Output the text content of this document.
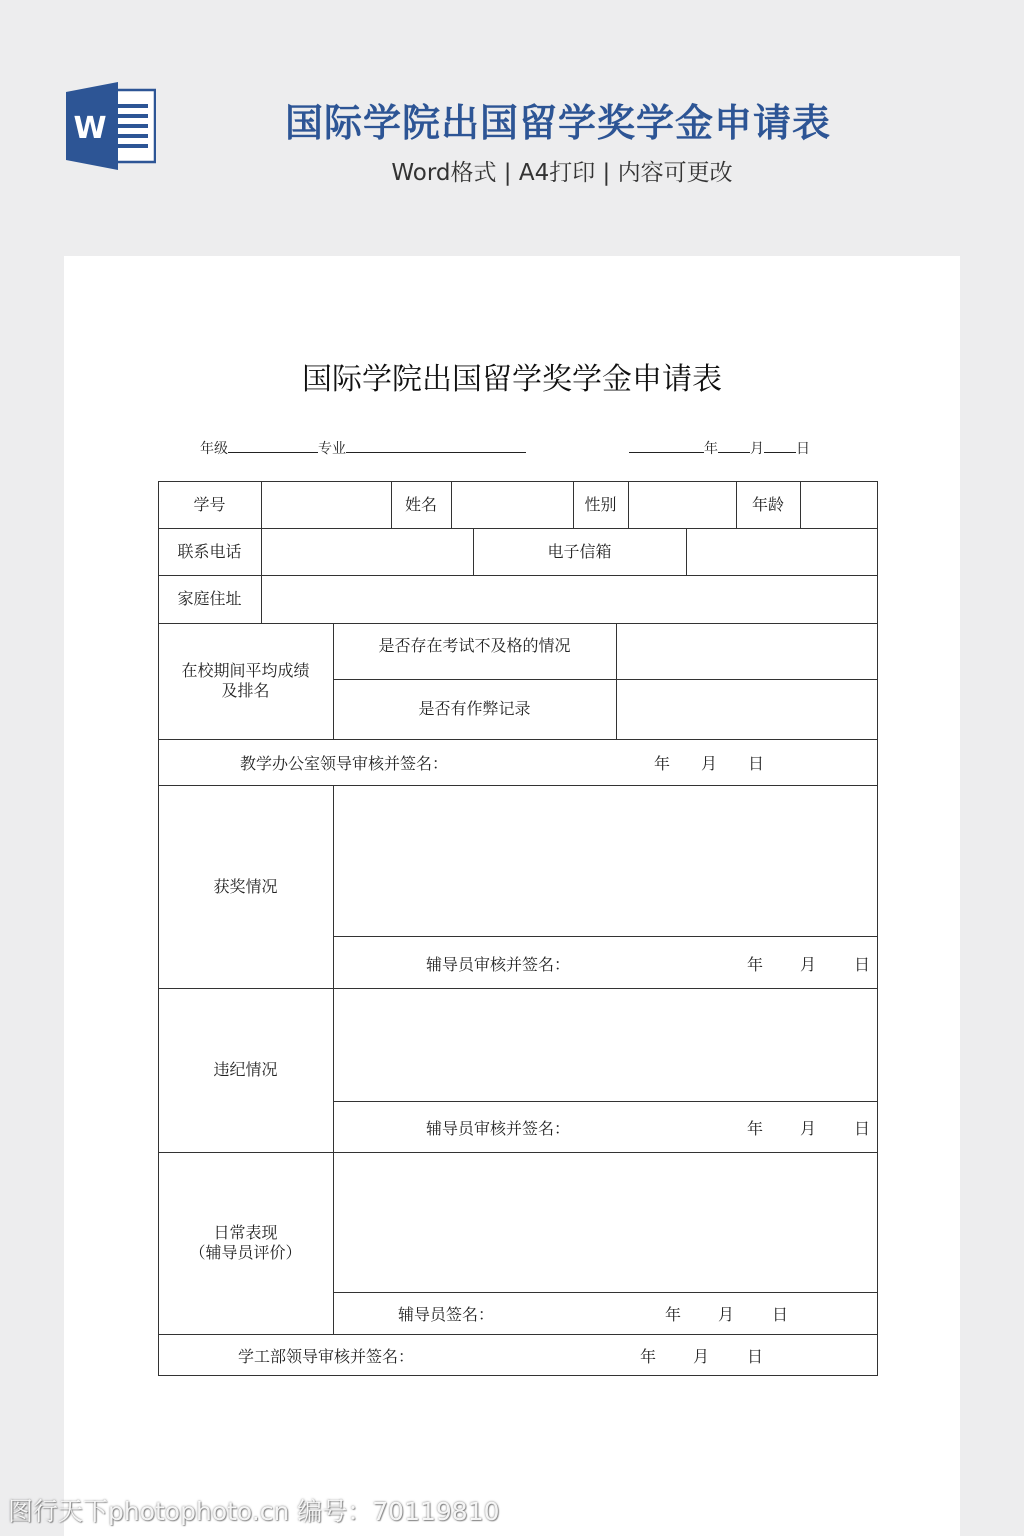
W	国际学院出国留学奖学金申请表
Word格式 | A4打印 | 内容可更改
国际学院出国留学奖学金申请表
年级	专业	年 月 日
学号	姓名	性别	年龄
联系电话	电子信箱
家庭住址
在校期间平均成绩
及排名
是否存在考试不及格的情况
是否有作弊记录
教学办公室领导审核并签名：	年 月 日
获奖情况
辅导员审核并签名：	年 月 日
违纪情况
辅导员审核并签名：	年 月 日
日常表现
（辅导员评价）
辅导员签名：	年 月 日
学工部领导审核并签名：	年 月 日
图行天下photophoto.cn 编号：70119810
